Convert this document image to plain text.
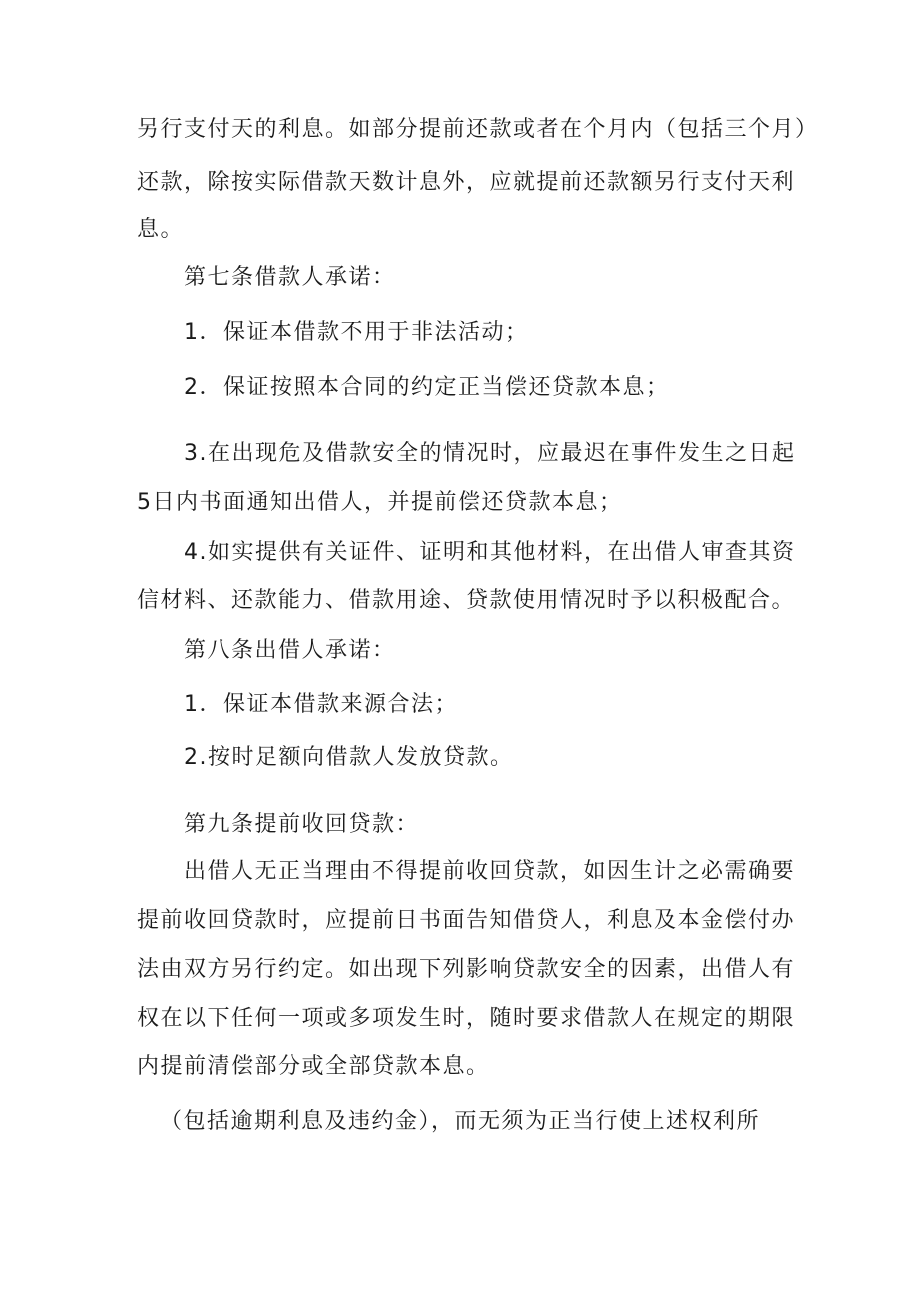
另行支付天的利息。如部分提前还款或者在个月内（包括三个月）
还款，除按实际借款天数计息外，应就提前还款额另行支付天利
息。
第七条借款人承诺：
1．保证本借款不用于非法活动；
2．保证按照本合同的约定正当偿还贷款本息；
3.在出现危及借款安全的情况时，应最迟在事件发生之日起
5日内书面通知出借人，并提前偿还贷款本息；
4.如实提供有关证件、证明和其他材料，在出借人审查其资
信材料、还款能力、借款用途、贷款使用情况时予以积极配合。
第八条出借人承诺：
1．保证本借款来源合法；
2.按时足额向借款人发放贷款。
第九条提前收回贷款：
出借人无正当理由不得提前收回贷款，如因生计之必需确要
提前收回贷款时，应提前日书面告知借贷人，利息及本金偿付办
法由双方另行约定。如出现下列影响贷款安全的因素，出借人有
权在以下任何一项或多项发生时，随时要求借款人在规定的期限
内提前清偿部分或全部贷款本息。
（包括逾期利息及违约金），而无须为正当行使上述权利所
